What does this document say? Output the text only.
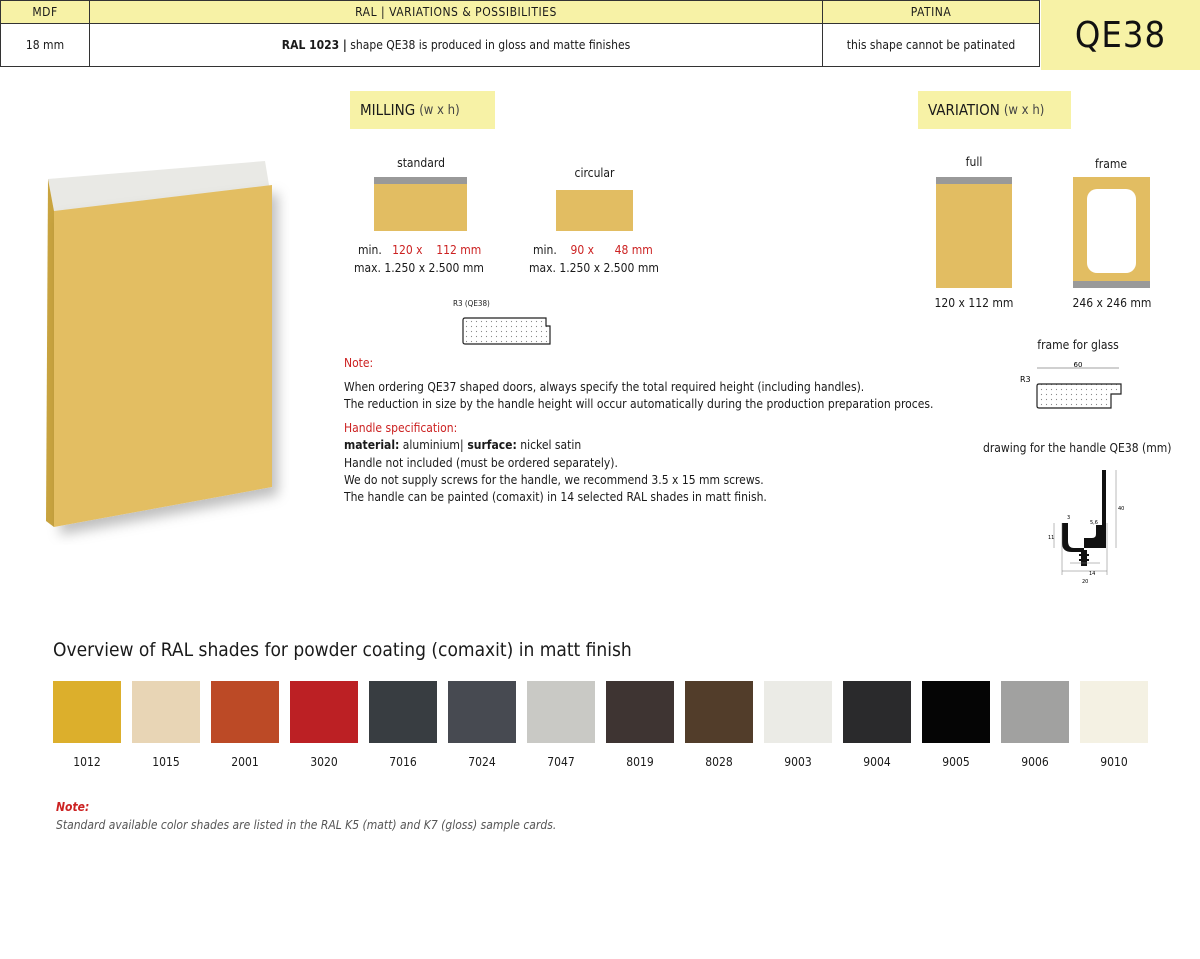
MDF	RAL | VARIATIONS & POSSIBILITIES	PATINA
18 mm	RAL 1023 | shape QE38 is produced in gloss and matte finishes	this shape cannot be patinated	QE38
MILLING (w x h)
standard
circular
min. 120 x    112 mm
max. 1.250 x 2.500 mm
min. 90 x      48 mm
max. 1.250 x 2.500 mm
R3 (QE38)
VARIATION (w x h)
full	frame
120 x 112 mm	246 x 246 mm
frame for glass
60
R3
drawing for the handle QE38 (mm)
3
5,6
40
11
14
20
Note:
When ordering QE37 shaped doors, always specify the total required height (including handles).
The reduction in size by the handle height will occur automatically during the production preparation proces.
Handle specification:
material: aluminium| surface: nickel satin
Handle not included (must be ordered separately).
We do not supply screws for the handle, we recommend 3.5 x 15 mm screws.
The handle can be painted (comaxit) in 14 selected RAL shades in matt finish.
Overview of RAL shades for powder coating (comaxit) in matt finish
1012	1015	2001	3020	7016	7024	7047	8019	8028	9003	9004	9005	9006	9010
Note:
Standard available color shades are listed in the RAL K5 (matt) and K7 (gloss) sample cards.
